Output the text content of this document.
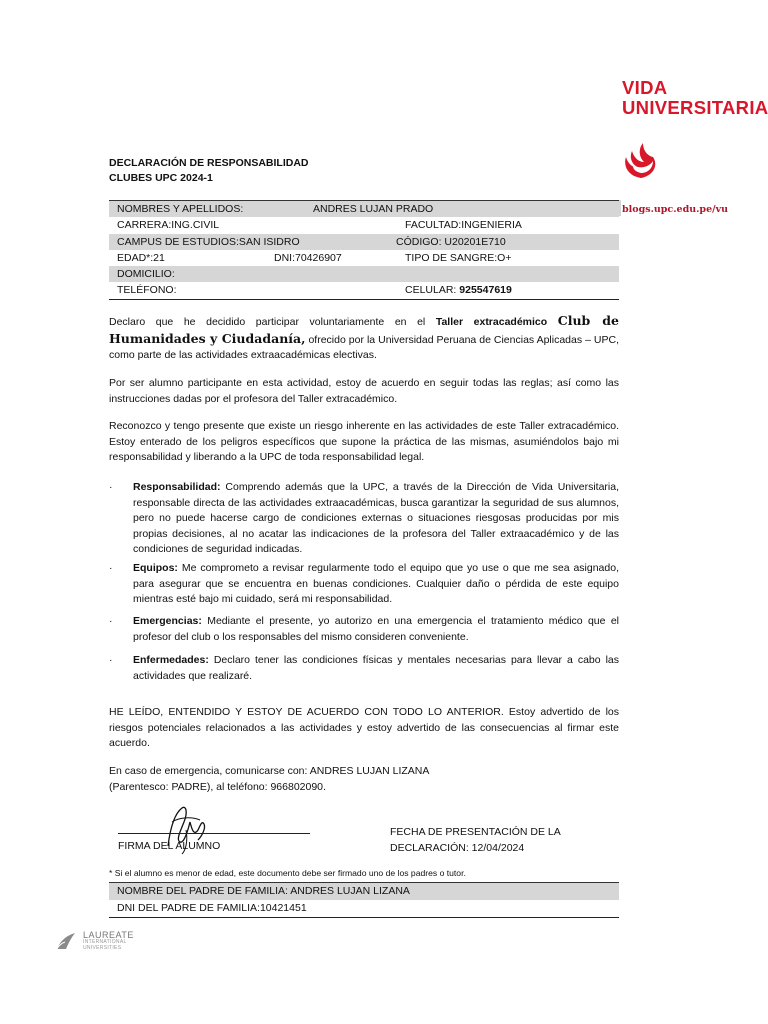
VIDA
UNIVERSITARIA
blogs.upc.edu.pe/vu
DECLARACIÓN DE RESPONSABILIDAD
CLUBES UPC 2024-1
NOMBRES Y APELLIDOS:	ANDRES LUJAN PRADO
CARRERA:ING.CIVIL	FACULTAD:INGENIERIA
CAMPUS DE ESTUDIOS:SAN ISIDRO	CÓDIGO: U20201E710
EDAD*:21	DNI:70426907	TIPO DE SANGRE:O+
DOMICILIO:
TELÉFONO:	CELULAR: 925547619
Declaro que he decidido participar voluntariamente en el Taller extracadémico Club de Humanidades y Ciudadanía, ofrecido por la Universidad Peruana de Ciencias Aplicadas – UPC, como parte de las actividades extraacadémicas electivas.
Por ser alumno participante en esta actividad, estoy de acuerdo en seguir todas las reglas; así como las instrucciones dadas por el profesora del Taller extracadémico.
Reconozco y tengo presente que existe un riesgo inherente en las actividades de este Taller extracadémico. Estoy enterado de los peligros específicos que supone la práctica de las mismas, asumiéndolos bajo mi responsabilidad y liberando a la UPC de toda responsabilidad legal.
· Responsabilidad: Comprendo además que la UPC, a través de la Dirección de Vida Universitaria, responsable directa de las actividades extraacadémicas, busca garantizar la seguridad de sus alumnos, pero no puede hacerse cargo de condiciones externas o situaciones riesgosas producidas por mis propias decisiones, al no acatar las indicaciones de la profesora del Taller extraacadémico y de las condiciones de seguridad indicadas.
· Equipos: Me comprometo a revisar regularmente todo el equipo que yo use o que me sea asignado, para asegurar que se encuentra en buenas condiciones. Cualquier daño o pérdida de este equipo mientras esté bajo mi cuidado, será mi responsabilidad.
· Emergencias: Mediante el presente, yo autorizo en una emergencia el tratamiento médico que el profesor del club o los responsables del mismo consideren conveniente.
· Enfermedades: Declaro tener las condiciones físicas y mentales necesarias para llevar a cabo las actividades que realizaré.
HE LEÍDO, ENTENDIDO Y ESTOY DE ACUERDO CON TODO LO ANTERIOR. Estoy advertido de los riesgos potenciales relacionados a las actividades y estoy advertido de las consecuencias al firmar este acuerdo.
En caso de emergencia, comunicarse con: ANDRES LUJAN LIZANA
(Parentesco: PADRE), al teléfono: 966802090.
FIRMA DEL ALUMNO
FECHA DE PRESENTACIÓN DE LA
DECLARACIÓN: 12/04/2024
* Si el alumno es menor de edad, este documento debe ser firmado uno de los padres o tutor.
NOMBRE DEL PADRE DE FAMILIA: ANDRES LUJAN LIZANA
DNI DEL PADRE DE FAMILIA:10421451
LAUREATE
INTERNATIONAL
UNIVERSITIES
